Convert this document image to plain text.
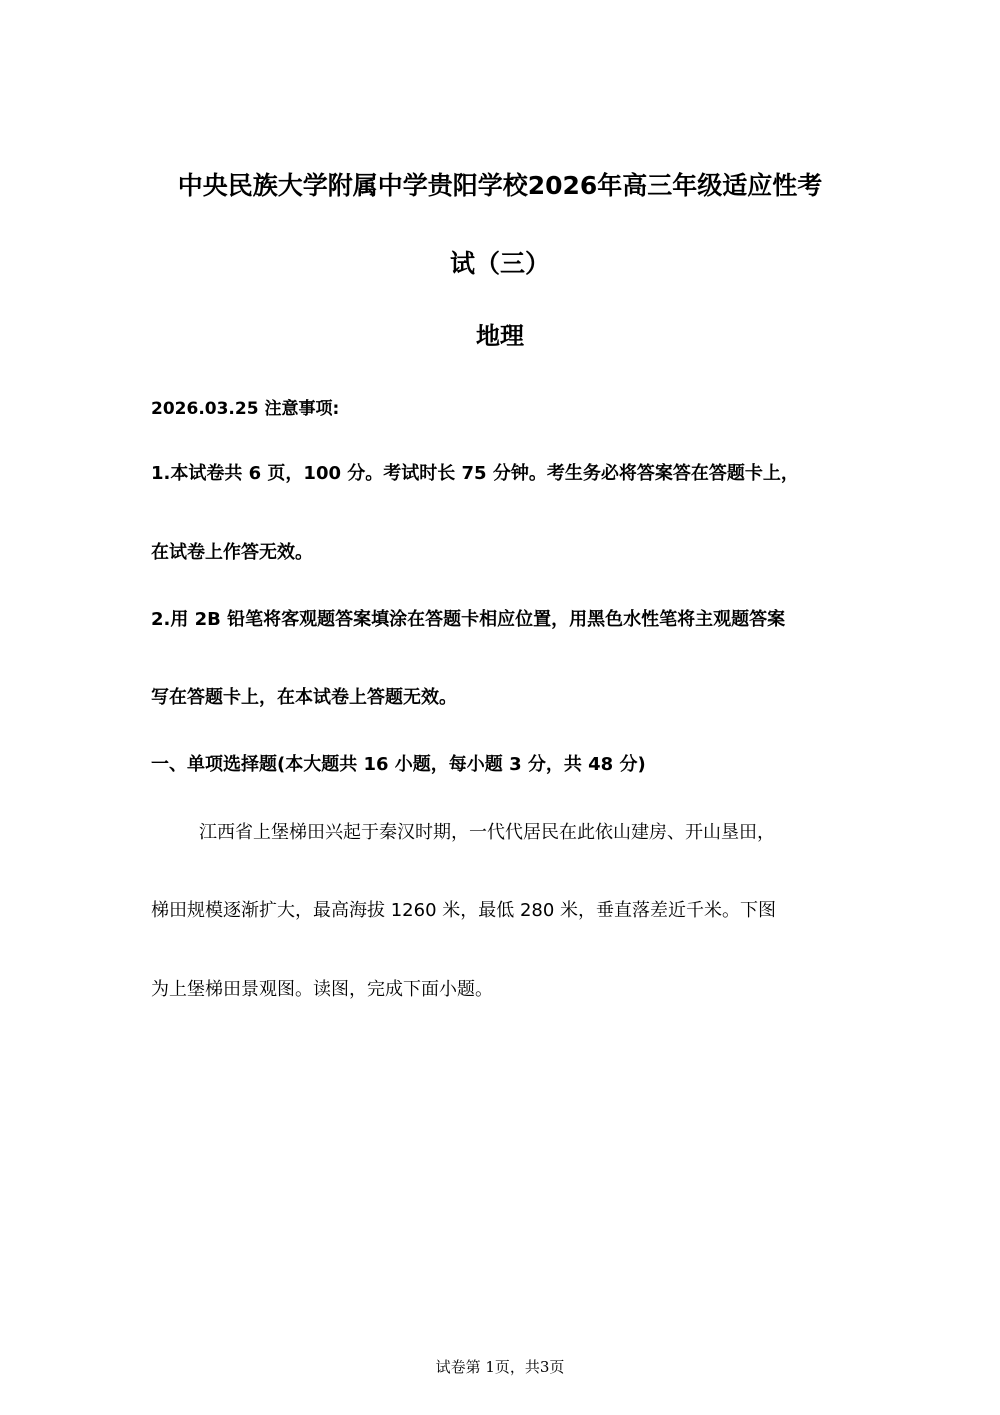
中央民族大学附属中学贵阳学校2026年高三年级适应性考
试（三）
地理
2026.03.25 注意事项:
1.本试卷共 6 页，100 分。考试时长 75 分钟。考生务必将答案答在答题卡上，
在试卷上作答无效。
2.用 2B 铅笔将客观题答案填涂在答题卡相应位置，用黑色水性笔将主观题答案
写在答题卡上，在本试卷上答题无效。
一、单项选择题(本大题共 16 小题，每小题 3 分，共 48 分)
江西省上堡梯田兴起于秦汉时期，一代代居民在此依山建房、开山垦田，
梯田规模逐渐扩大，最高海拔 1260 米，最低 280 米，垂直落差近千米。下图
为上堡梯田景观图。读图，完成下面小题。
试卷第 1页，共3页
